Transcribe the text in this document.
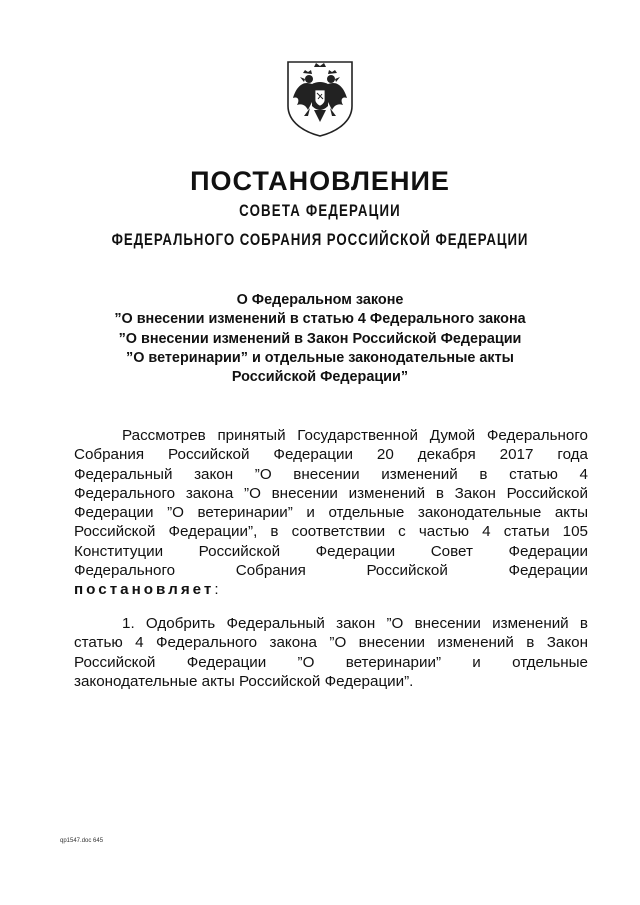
ПОСТАНОВЛЕНИЕ
СОВЕТА ФЕДЕРАЦИИ
ФЕДЕРАЛЬНОГО СОБРАНИЯ РОССИЙСКОЙ ФЕДЕРАЦИИ
О Федеральном законе
”О внесении изменений в статью 4 Федерального закона
”О внесении изменений в Закон Российской Федерации
”О ветеринарии” и отдельные законодательные акты
Российской Федерации”
Рассмотрев принятый Государственной Думой Федерального
Собрания Российской Федерации 20 декабря 2017 года
Федеральный закон ”О внесении изменений в статью 4
Федерального закона ”О внесении изменений в Закон Российской
Федерации ”О ветеринарии” и отдельные законодательные акты
Российской Федерации”, в соответствии с частью 4 статьи 105
Конституции Российской Федерации Совет Федерации
Федерального Собрания Российской Федерации
постановляет:
1. Одобрить Федеральный закон ”О внесении изменений в
статью 4 Федерального закона ”О внесении изменений в Закон
Российской Федерации ”О ветеринарии” и отдельные
законодательные акты Российской Федерации”.
qp1547.doc 645
